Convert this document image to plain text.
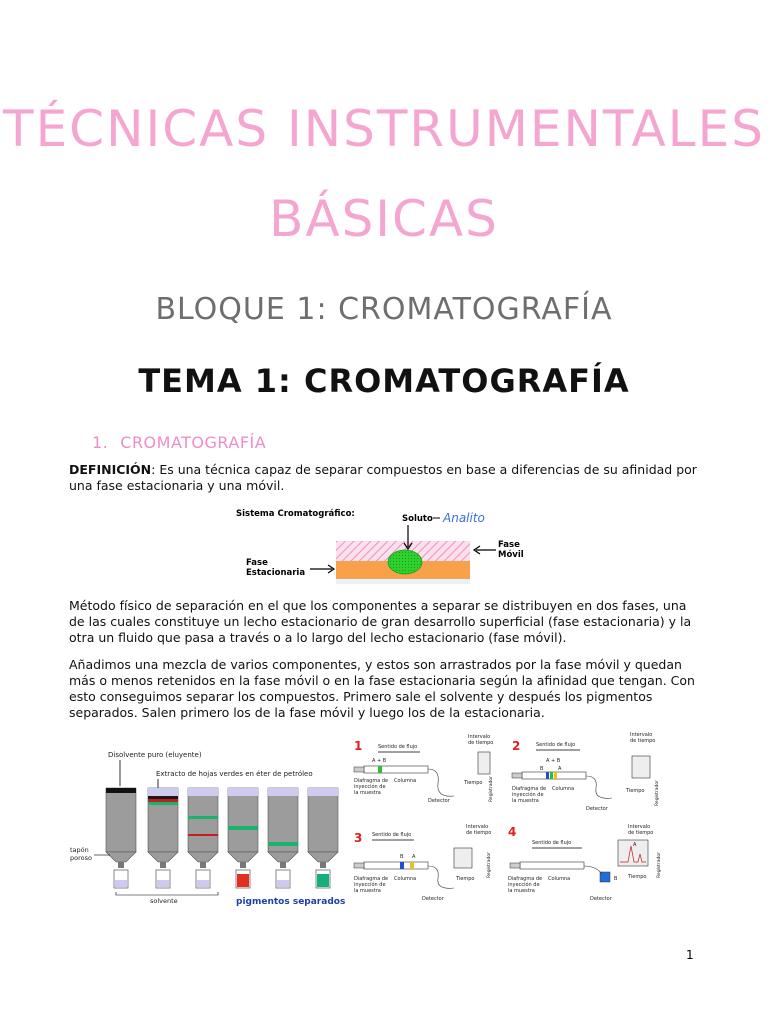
TÉCNICAS INSTRUMENTALES
BÁSICAS
BLOQUE 1: CROMATOGRAFÍA
TEMA 1: CROMATOGRAFÍA
1. CROMATOGRAFÍA
DEFINICIÓN: Es una técnica capaz de separar compuestos en base a diferencias de su afinidad por una fase estacionaria y una móvil.
Sistema Cromatográfico:	Soluto Analito
Fase
Móvil
Fase
Estacionaria
Método físico de separación en el que los componentes a separar se distribuyen en dos fases, una de las cuales constituye un lecho estacionario de gran desarrollo superficial (fase estacionaria) y la otra un fluido que pasa a través o a lo largo del lecho estacionario (fase móvil).
Añadimos una mezcla de varios componentes, y estos son arrastrados por la fase móvil y quedan más o menos retenidos en la fase móvil o en la fase estacionaria según la afinidad que tengan. Con esto conseguimos separar los compuestos. Primero sale el solvente y después los pigmentos separados. Salen primero los de la fase móvil y luego los de la estacionaria.
Disolvente puro (eluyente)
Extracto de hojas verdes en éter de petróleo
tapón
poroso
solvente	pigmentos separados
1	Sentido de flujo
Intervalo
de tiempo
A + B
Diafragma de
inyección de
la muestra
Columna	Tiempo
Detector	Registrador
2	Sentido de flujo
Intervalo
de tiempo
A + B
B	A
Diafragma de
inyección de
la muestra
Columna	Tiempo
Detector
Registrador
3 Sentido de flujo
Intervalo
de tiempo
B A
Diafragma de
inyección de
la muestra
Columna	Tiempo
Detector
Registrador
4
Sentido de flujo
Intervalo
de tiempo
B
A
Diafragma de
inyección de
la muestra
Columna	Tiempo
Detector
Registrador
1
